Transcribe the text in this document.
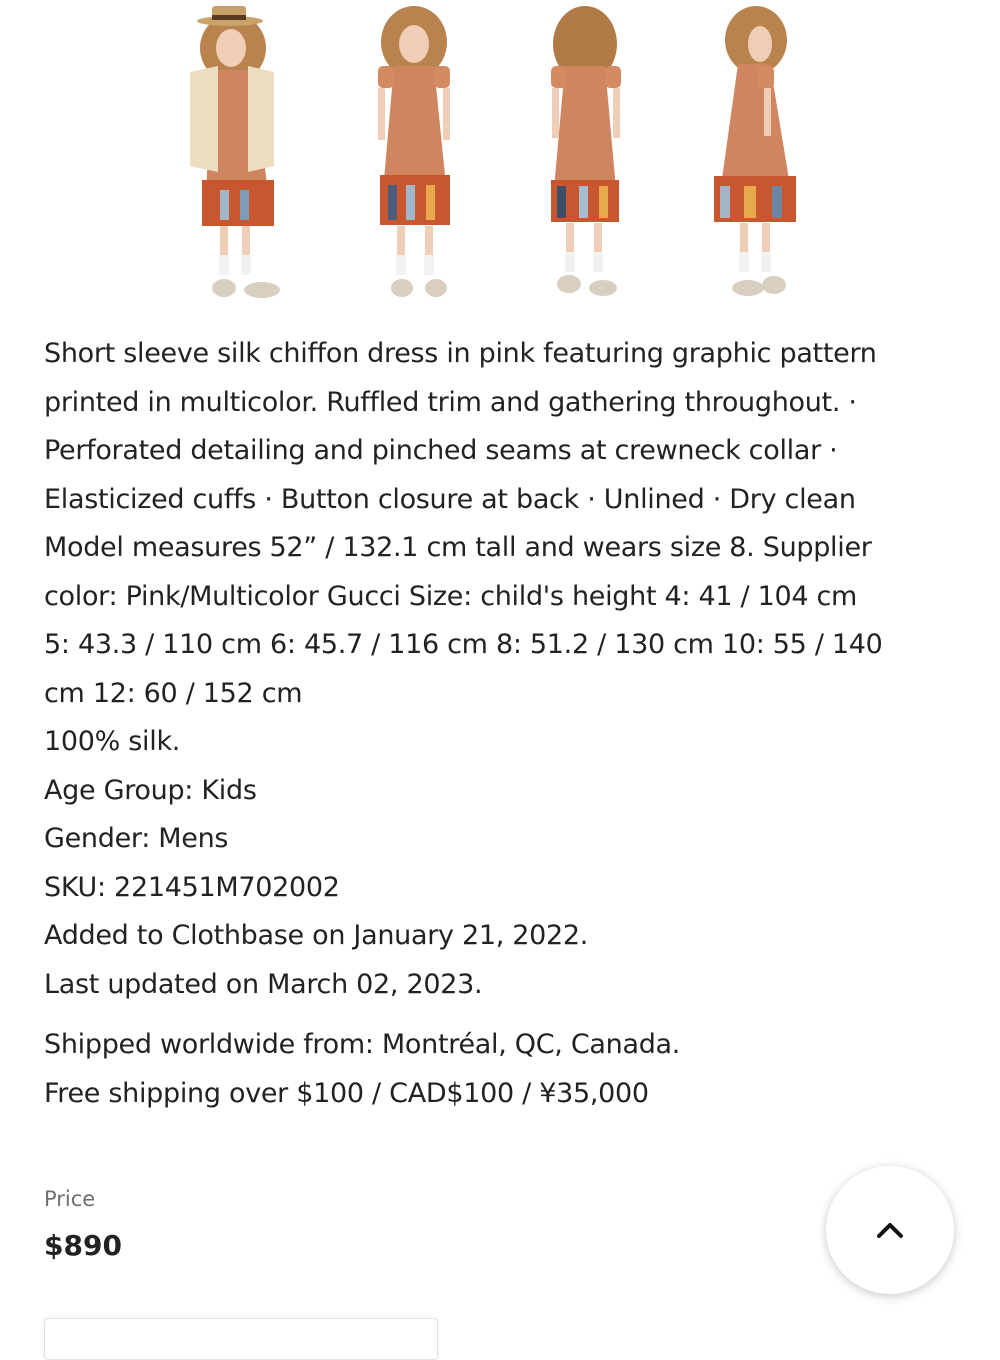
Short sleeve silk chiffon dress in pink featuring graphic pattern

printed in multicolor. Ruffled trim and gathering throughout. ·

Perforated detailing and pinched seams at crewneck collar ·

Elasticized cuffs · Button closure at back · Unlined · Dry clean

Model measures 52” / 132.1 cm tall and wears size 8. Supplier

color: Pink/Multicolor Gucci Size: child's height 4: 41 / 104 cm

5: 43.3 / 110 cm 6: 45.7 / 116 cm 8: 51.2 / 130 cm 10: 55 / 140

cm 12: 60 / 152 cm

100% silk.

Age Group: Kids

Gender: Mens

SKU: 221451M702002

Added to Clothbase on January 21, 2022.

Last updated on March 02, 2023.

Shipped worldwide from: Montréal, QC, Canada.

Free shipping over $100 / CAD$100 / ¥35,000

Price
$890
